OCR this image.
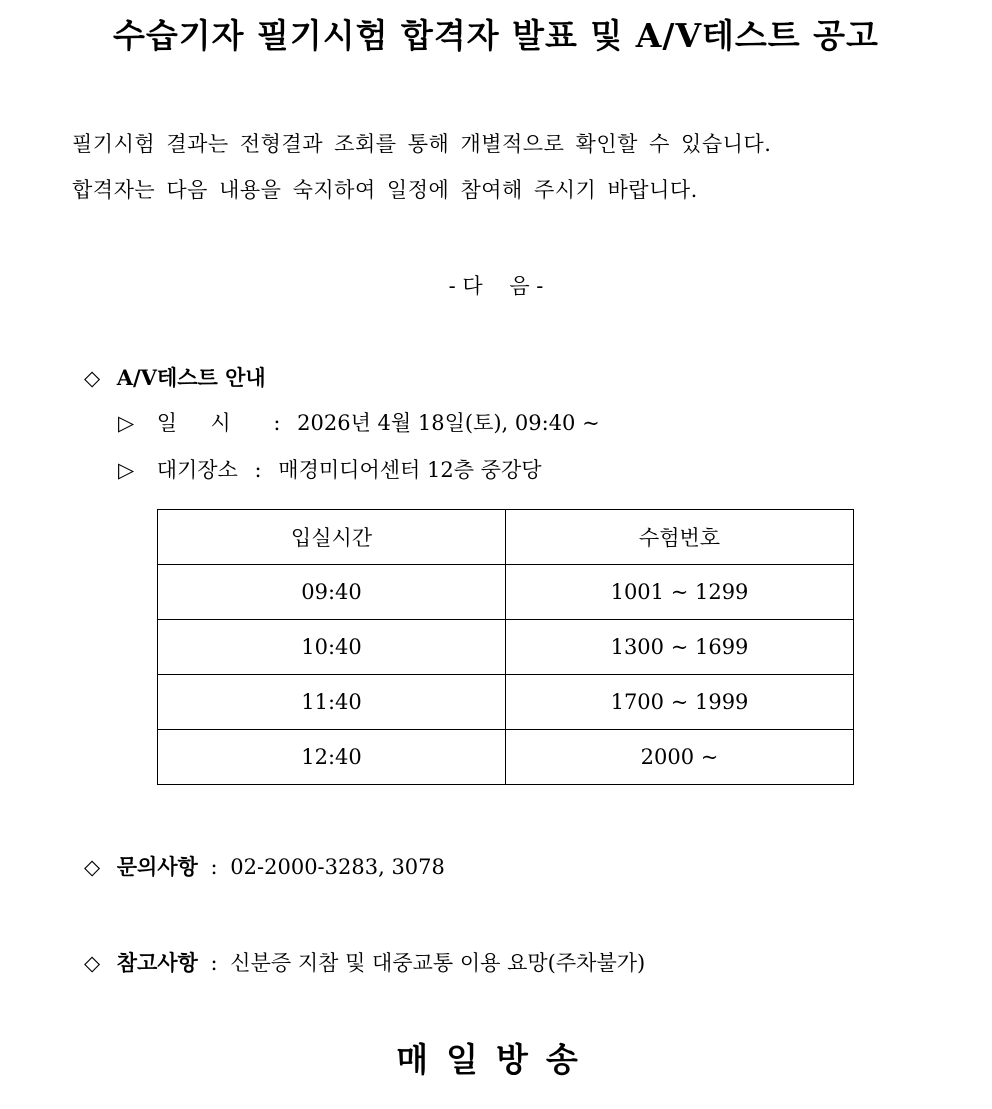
수습기자 필기시험 합격자 발표 및 A/V테스트 공고
필기시험 결과는 전형결과 조회를 통해 개별적으로 확인할 수 있습니다.
합격자는 다음 내용을 숙지하여 일정에 참여해 주시기 바랍니다.
- 다    음 -
◇ A/V테스트 안내
▷ 일     시 : 2026년 4월 18일(토), 09:40 ~
▷ 대기장소 : 매경미디어센터 12층 중강당
입실시간	수험번호
09:40	1001 ~ 1299
10:40	1300 ~ 1699
11:40	1700 ~ 1999
12:40	2000 ~
◇ 문의사항 : 02-2000-3283, 3078
◇ 참고사항 : 신분증 지참 및 대중교통 이용 요망(주차불가)
매일방송
